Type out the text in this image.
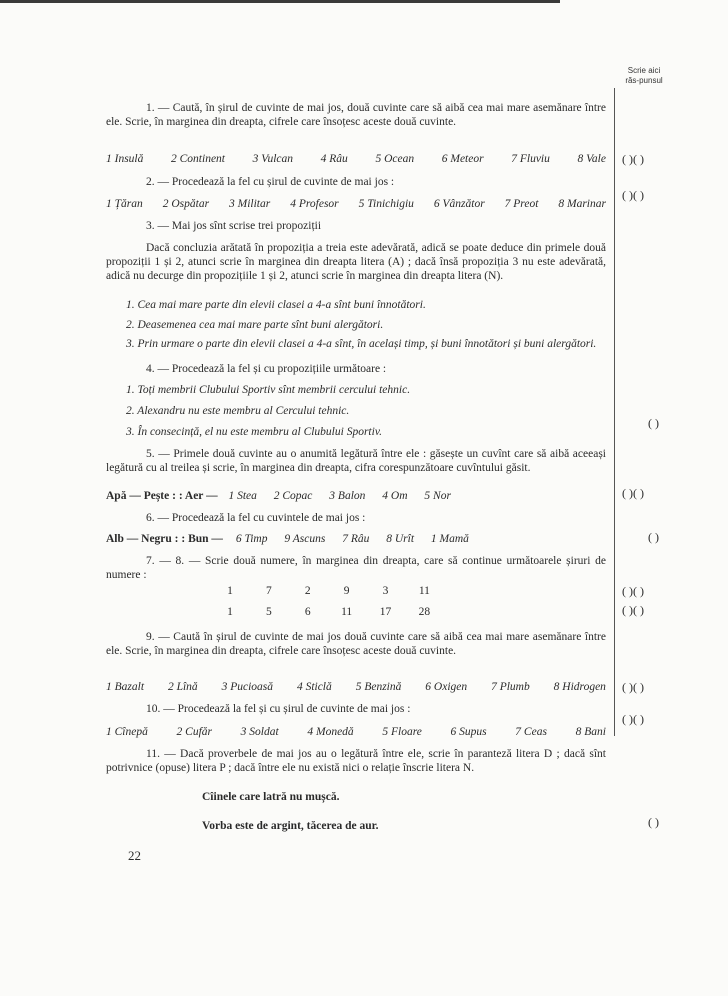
Scrie aici răs-punsul
1. — Caută, în șirul de cuvinte de mai jos, două cuvinte care să aibă cea mai mare asemănare între ele. Scrie, în marginea din dreapta, cifrele care însoțesc aceste două cuvinte.
1 Insulă 2 Continent 3 Vulcan 4 Râu 5 Ocean 6 Meteor 7 Fluviu 8 Vale
2. — Procedează la fel cu șirul de cuvinte de mai jos :
1 Țăran 2 Ospătar 3 Militar 4 Profesor 5 Tinichigiu 6 Vânzător 7 Preot 8 Marinar
3. — Mai jos sînt scrise trei propoziții
Dacă concluzia arătată în propoziția a treia este adevărată, adică se poate deduce din primele două propoziții 1 și 2, atunci scrie în marginea din dreapta litera (A) ; dacă însă propoziția 3 nu este adevărată, adică nu decurge din propozițiile 1 și 2, atunci scrie în marginea din dreapta litera (N).
1. Cea mai mare parte din elevii clasei a 4-a sînt buni înnotători.
2. Deasemenea cea mai mare parte sînt buni alergători.
3. Prin urmare o parte din elevii clasei a 4-a sînt, în același timp, și buni înnotători și buni alergători.
4. — Procedează la fel și cu propozițiile următoare :
1. Toți membrii Clubului Sportiv sînt membrii cercului tehnic.
2. Alexandru nu este membru al Cercului tehnic.
3. În consecință, el nu este membru al Clubului Sportiv.
5. — Primele două cuvinte au o anumită legătură între ele : găsește un cuvînt care să aibă aceeași legătură cu al treilea și scrie, în marginea din dreapta, cifra corespunzătoare cuvîntului găsit.
Apă — Pește : : Aer — 1 Stea 2 Copac 3 Balon 4 Om 5 Nor
6. — Procedează la fel cu cuvintele de mai jos :
Alb — Negru : : Bun — 6 Timp 9 Ascuns 7 Râu 8 Urît 1 Mamă
7. — 8. — Scrie două numere, în marginea din dreapta, care să continue următoarele șiruri de numere :
1	7	2	9	3	11
1	5	6	11 17 28
9. — Caută în șirul de cuvinte de mai jos două cuvinte care să aibă cea mai mare asemănare între ele. Scrie, în marginea din dreapta, cifrele care însoțesc aceste două cuvinte.
1 Bazalt 2 Lînă 3 Pucioasă 4 Sticlă 5 Benzină 6 Oxigen 7 Plumb 8 Hidrogen
10. — Procedează la fel și cu șirul de cuvinte de mai jos :
1 Cînepă 2 Cufăr 3 Soldat 4 Monedă 5 Floare 6 Supus 7 Ceas 8 Bani
11. — Dacă proverbele de mai jos au o legătură între ele, scrie în paranteză litera D ; dacă sînt potrivnice (opuse) litera P ; dacă între ele nu există nici o relație înscrie litera N.
Cîinele care latră nu mușcă.
Vorba este de argint, tăcerea de aur.
( )( )
( )( )
( )
( )( )
( )
( )( )
( )( )
( )( )
( )( )
( )
22
